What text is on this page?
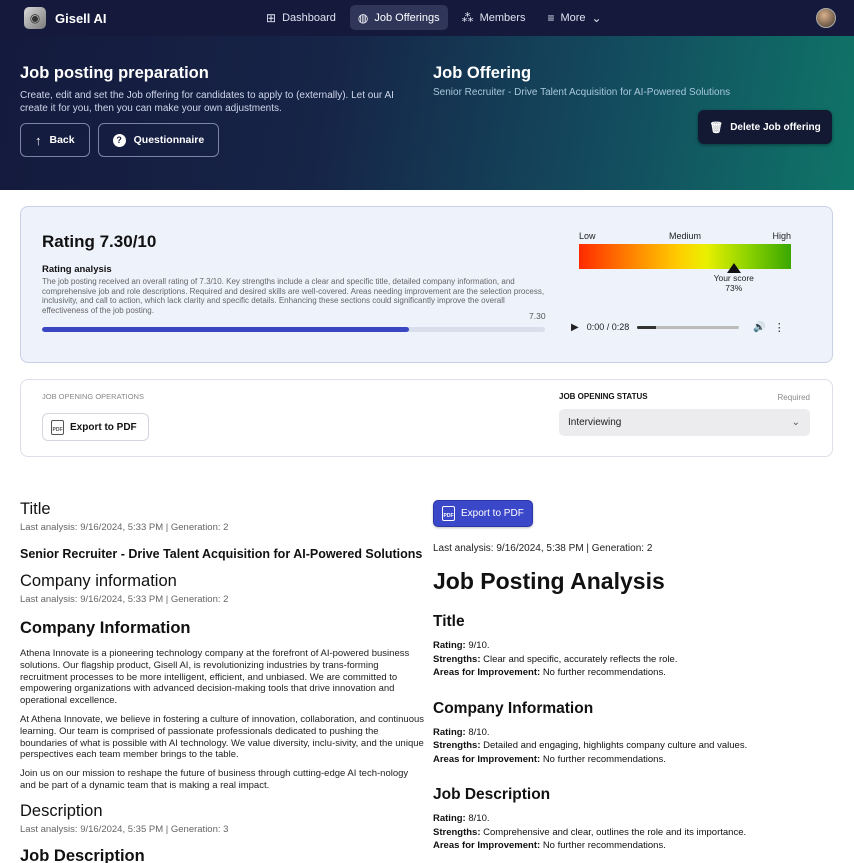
◉	Gisell AI	⊞ Dashboard ◍ Job Offerings ⁂ Members ≡ More ⌄
Job posting preparation
Create, edit and set the Job offering for candidates to apply to (externally). Let our AI create it for you, then you can make your own adjustments.
↑ Back	?	Questionnaire
Job Offering
Senior Recruiter - Drive Talent Acquisition for AI-Powered Solutions
🗑 Delete Job offering
Rating 7.30/10
Rating analysis
The job posting received an overall rating of 7.3/10. Key strengths include a clear and specific title, detailed company information, and comprehensive job and role descriptions. Required and desired skills are well-covered. Areas needing improvement are the selection process, inclusivity, and call to action, which lack clarity and specific details. Enhancing these sections could significantly improve the overall effectiveness of the job posting.
7.30
Low	Medium	High
Your score
73%
▶ 0:00 / 0:28	🔊 ⋮
JOB OPENING OPERATIONS
PDF Export to PDF
JOB OPENING STATUS	Required
Interviewing	⌄
Title
Last analysis: 9/16/2024, 5:33 PM | Generation: 2
Senior Recruiter - Drive Talent Acquisition for AI-Powered Solutions
Company information
Last analysis: 9/16/2024, 5:33 PM | Generation: 2
Company Information
Athena Innovate is a pioneering technology company at the forefront of AI-powered business solutions. Our flagship product, Gisell AI, is revolutionizing industries by trans-forming recruitment processes to be more intelligent, efficient, and unbiased. We are committed to empowering organizations with advanced decision-making tools that drive innovation and operational excellence.
At Athena Innovate, we believe in fostering a culture of innovation, collaboration, and continuous learning. Our team is comprised of passionate professionals dedicated to pushing the boundaries of what is possible with AI technology. We value diversity, inclu-sivity, and the unique perspectives each team member brings to the table.
Join us on our mission to reshape the future of business through cutting-edge AI tech-nology and be part of a dynamic team that is making a real impact.
Description
Last analysis: 9/16/2024, 5:35 PM | Generation: 3
Job Description
PDF Export to PDF
Last analysis: 9/16/2024, 5:38 PM | Generation: 2
Job Posting Analysis
Title
Rating: 9/10.
Strengths: Clear and specific, accurately reflects the role.
Areas for Improvement: No further recommendations.
Company Information
Rating: 8/10.
Strengths: Detailed and engaging, highlights company culture and values.
Areas for Improvement: No further recommendations.
Job Description
Rating: 8/10.
Strengths: Comprehensive and clear, outlines the role and its importance.
Areas for Improvement: No further recommendations.
